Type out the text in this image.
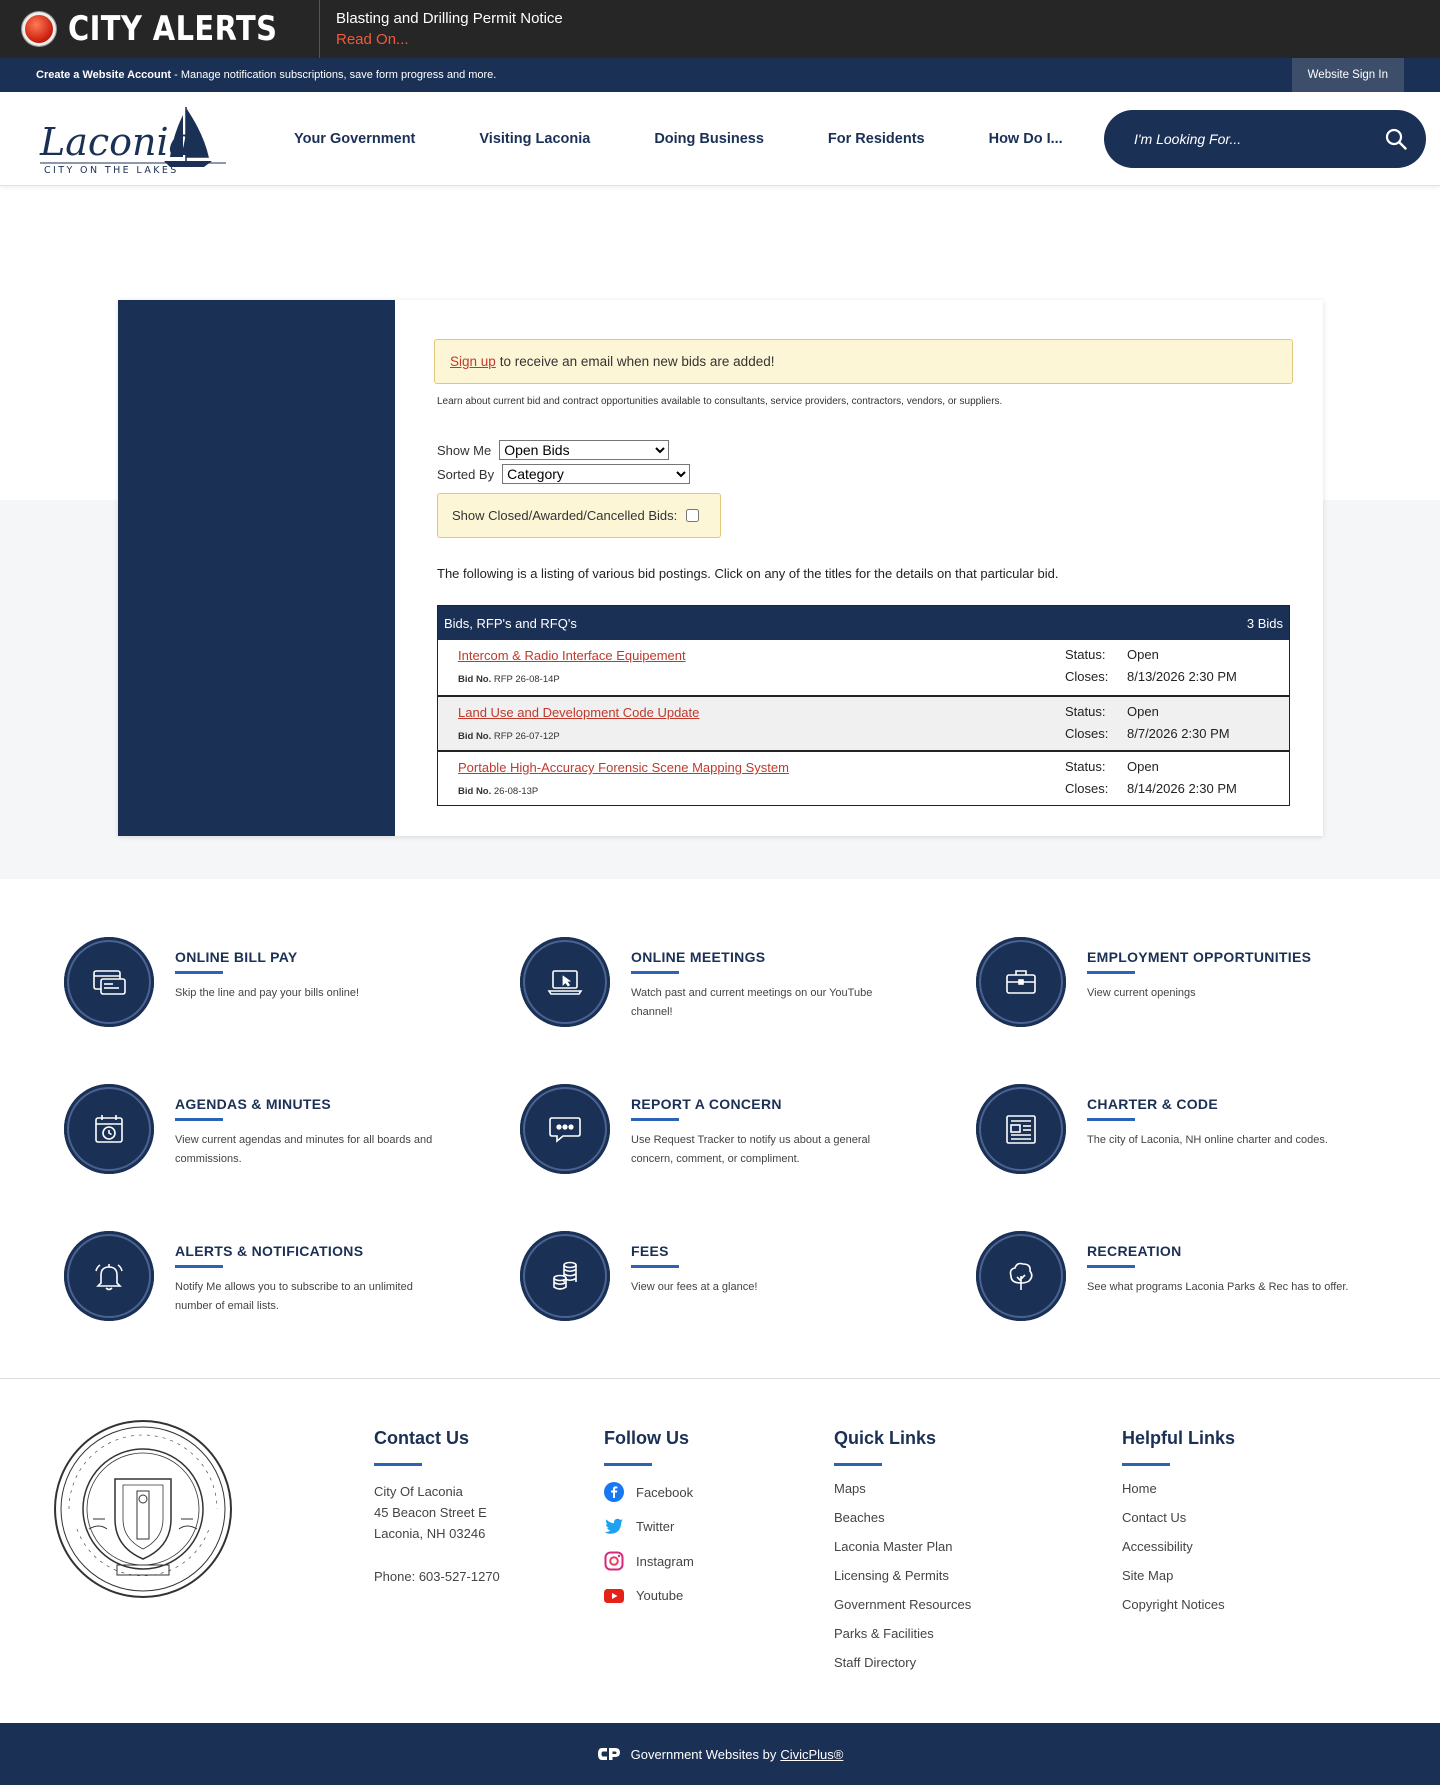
CITY ALERTS	Blasting and Drilling Permit Notice
Read On...
Create a Website Account - Manage notification subscriptions, save form progress and more.	Website Sign In
Laconia
CITY ON THE LAKES
Your Government	Visiting Laconia	Doing Business	For Residents	How Do I...
I'm Looking For...
Sign up to receive an email when new bids are added!
Learn about current bid and contract opportunities available to consultants, service providers, contractors, vendors, or suppliers.
Show Me
Open Bids
Sorted By
Category
Show Closed/Awarded/Cancelled Bids:
The following is a listing of various bid postings. Click on any of the titles for the details on that particular bid.
Bids, RFP's and RFQ's	3 Bids
Intercom & Radio Interface Equipement
Bid No. RFP 26-08-14P
Status:	Open
Closes:	8/13/2026 2:30 PM
Land Use and Development Code Update
Bid No. RFP 26-07-12P
Status:	Open
Closes:	8/7/2026 2:30 PM
Portable High-Accuracy Forensic Scene Mapping System
Bid No. 26-08-13P
Status:	Open
Closes:	8/14/2026 2:30 PM
ONLINE BILL PAY
Skip the line and pay your bills online!
ONLINE MEETINGS
Watch past and current meetings on our YouTube channel!
EMPLOYMENT OPPORTUNITIES
View current openings
AGENDAS & MINUTES
View current agendas and minutes for all boards and commissions.
REPORT A CONCERN
Use Request Tracker to notify us about a general concern, comment, or compliment.
CHARTER & CODE
The city of Laconia, NH online charter and codes.
ALERTS & NOTIFICATIONS
Notify Me allows you to subscribe to an unlimited number of email lists.
FEES
View our fees at a glance!
RECREATION
See what programs Laconia Parks & Rec has to offer.
Contact Us
City Of Laconia
45 Beacon Street E
Laconia, NH 03246
Phone: 603-527-1270
Follow Us
Facebook
Twitter
Instagram
Youtube
Quick Links
Maps
Beaches
Laconia Master Plan
Licensing & Permits
Government Resources
Parks & Facilities
Staff Directory
Helpful Links
Home
Contact Us
Accessibility
Site Map
Copyright Notices
Government Websites by CivicPlus®
